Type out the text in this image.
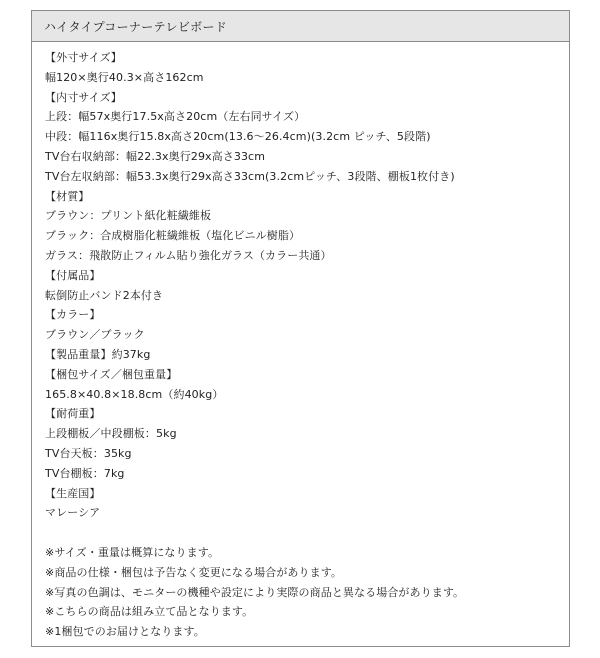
ハイタイプコーナーテレビボード
【外寸サイズ】
幅120×奥行40.3×高さ162cm
【内寸サイズ】
上段：幅57x奥行17.5x高さ20cm（左右同サイズ）
中段：幅116x奥行15.8x高さ20cm(13.6～26.4cm)(3.2cm ピッチ、5段階)
TV台右収納部：幅22.3x奥行29x高さ33cm
TV台左収納部：幅53.3x奥行29x高さ33cm(3.2cmピッチ、3段階、棚板1枚付き)
【材質】
ブラウン：プリント紙化粧繊維板
ブラック：合成樹脂化粧繊維板（塩化ビニル樹脂）
ガラス：飛散防止フィルム貼り強化ガラス（カラー共通）
【付属品】
転倒防止バンド2本付き
【カラー】
ブラウン／ブラック
【製品重量】約37kg
【梱包サイズ／梱包重量】
165.8×40.8×18.8cm（約40kg）
【耐荷重】
上段棚板／中段棚板：5kg
TV台天板：35kg
TV台棚板：7kg
【生産国】
マレーシア
※サイズ・重量は概算になります。
※商品の仕様・梱包は予告なく変更になる場合があります。
※写真の色調は、モニターの機種や設定により実際の商品と異なる場合があります。
※こちらの商品は組み立て品となります。
※1梱包でのお届けとなります。
